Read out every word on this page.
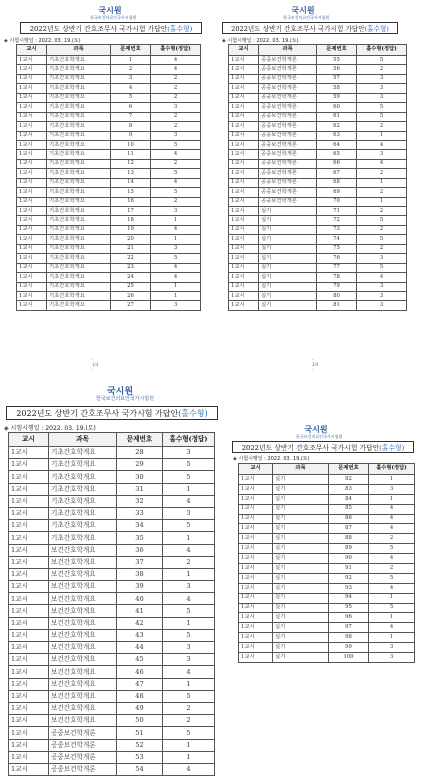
국시원
한국보건의료인국가시험원
2022년도 상반기 간호조무사 국가시험 가답안 (홀수형)
◈ 시험시행일 : 2022. 03. 19.(토)
교시	과목	문제번호	홀수형(정답)
1교시	기초간호학개요	1	4
1교시	기초간호학개요	2	4
1교시	기초간호학개요	3	2
1교시	기초간호학개요	4	2
1교시	기초간호학개요	5	2
1교시	기초간호학개요	6	3
1교시	기초간호학개요	7	2
1교시	기초간호학개요	8	2
1교시	기초간호학개요	9	3
1교시	기초간호학개요	10	5
1교시	기초간호학개요	11	4
1교시	기초간호학개요	12	2
1교시	기초간호학개요	13	5
1교시	기초간호학개요	14	4
1교시	기초간호학개요	15	5
1교시	기초간호학개요	16	2
1교시	기초간호학개요	17	3
1교시	기초간호학개요	18	1
1교시	기초간호학개요	19	4
1교시	기초간호학개요	20	1
1교시	기초간호학개요	21	3
1교시	기초간호학개요	22	5
1교시	기초간호학개요	23	4
1교시	기초간호학개요	24	4
1교시	기초간호학개요	25	1
1교시	기초간호학개요	26	1
1교시	기초간호학개요	27	3
- 1/4 -
국시원
한국보건의료인국가시험원
2022년도 상반기 간호조무사 국가시험 가답안 (홀수형)
◈ 시험시행일 : 2022. 03. 19.(토)
교시	과목	문제번호	홀수형(정답)
1교시	공중보건학개론	55	5
1교시	공중보건학개론	56	2
1교시	공중보건학개론	57	3
1교시	공중보건학개론	58	3
1교시	공중보건학개론	59	3
1교시	공중보건학개론	60	5
1교시	공중보건학개론	61	5
1교시	공중보건학개론	62	2
1교시	공중보건학개론	63	1
1교시	공중보건학개론	64	4
1교시	공중보건학개론	65	3
1교시	공중보건학개론	66	4
1교시	공중보건학개론	67	2
1교시	공중보건학개론	68	1
1교시	공중보건학개론	69	2
1교시	공중보건학개론	70	1
1교시	실기	71	2
1교시	실기	72	5
1교시	실기	73	2
1교시	실기	74	5
1교시	실기	75	2
1교시	실기	76	3
1교시	실기	77	5
1교시	실기	78	4
1교시	실기	79	3
1교시	실기	80	3
1교시	실기	81	3
- 3/4 -
국시원
한국보건의료인국가시험원
2022년도 상반기 간호조무사 국가시험 가답안 (홀수형)
◈ 시험시행일 : 2022. 03. 19.(토)
교시	과목	문제번호	홀수형(정답)
1교시	기초간호학개요	28	3
1교시	기초간호학개요	29	5
1교시	기초간호학개요	30	5
1교시	기초간호학개요	31	1
1교시	기초간호학개요	32	4
1교시	기초간호학개요	33	3
1교시	기초간호학개요	34	5
1교시	기초간호학개요	35	1
1교시	보건간호학개요	36	4
1교시	보건간호학개요	37	2
1교시	보건간호학개요	38	1
1교시	보건간호학개요	39	3
1교시	보건간호학개요	40	4
1교시	보건간호학개요	41	5
1교시	보건간호학개요	42	1
1교시	보건간호학개요	43	5
1교시	보건간호학개요	44	3
1교시	보건간호학개요	45	3
1교시	보건간호학개요	46	4
1교시	보건간호학개요	47	1
1교시	보건간호학개요	48	5
1교시	보건간호학개요	49	2
1교시	보건간호학개요	50	2
1교시	공중보건학개론	51	5
1교시	공중보건학개론	52	1
1교시	공중보건학개론	53	1
1교시	공중보건학개론	54	4
국시원
한국보건의료인국가시험원
2022년도 상반기 간호조무사 국가시험 가답안 (홀수형)
◈ 시험시행일 : 2022. 03. 19.(토)
교시	과목	문제번호	홀수형(정답)
1교시	실기	82	1
1교시	실기	83	3
1교시	실기	84	1
1교시	실기	85	4
1교시	실기	86	4
1교시	실기	87	4
1교시	실기	88	2
1교시	실기	89	5
1교시	실기	90	4
1교시	실기	91	2
1교시	실기	92	5
1교시	실기	93	4
1교시	실기	94	1
1교시	실기	95	5
1교시	실기	96	1
1교시	실기	97	4
1교시	실기	98	1
1교시	실기	99	3
1교시	실기	100	3
